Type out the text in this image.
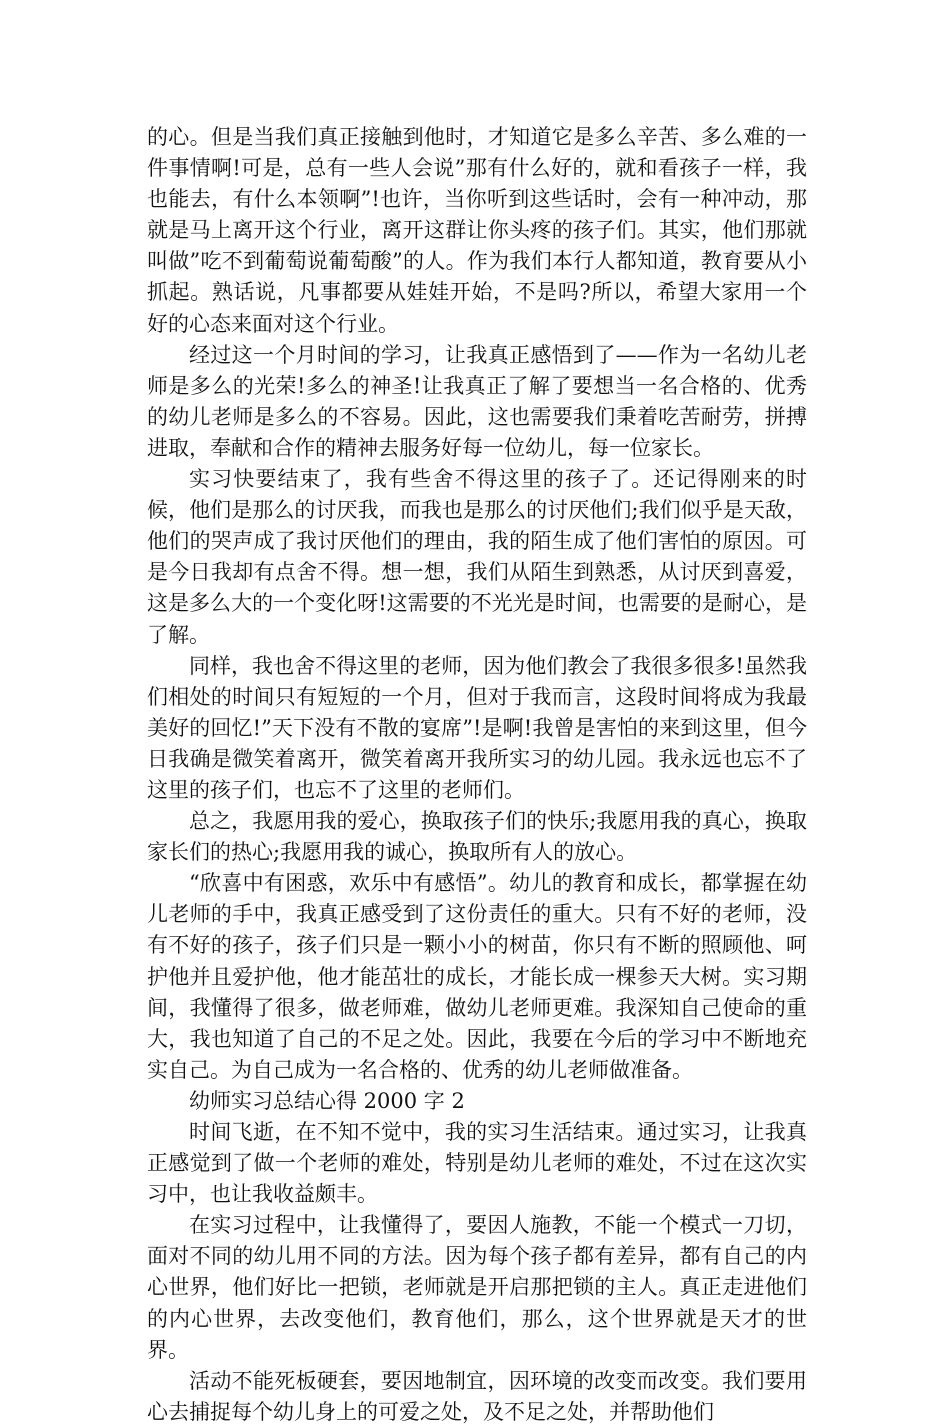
的心。但是当我们真正接触到他时，才知道它是多么辛苦、多么难的一件事情啊!可是，总有一些人会说”那有什么好的，就和看孩子一样，我也能去，有什么本领啊”!也许，当你听到这些话时，会有一种冲动，那就是马上离开这个行业，离开这群让你头疼的孩子们。其实，他们那就叫做”吃不到葡萄说葡萄酸”的人。作为我们本行人都知道，教育要从小抓起。熟话说，凡事都要从娃娃开始，不是吗?所以，希望大家用一个好的心态来面对这个行业。

经过这一个月时间的学习，让我真正感悟到了——作为一名幼儿老师是多么的光荣!多么的神圣!让我真正了解了要想当一名合格的、优秀的幼儿老师是多么的不容易。因此，这也需要我们秉着吃苦耐劳，拼搏进取，奉献和合作的精神去服务好每一位幼儿，每一位家长。

实习快要结束了，我有些舍不得这里的孩子了。还记得刚来的时候，他们是那么的讨厌我，而我也是那么的讨厌他们;我们似乎是天敌，他们的哭声成了我讨厌他们的理由，我的陌生成了他们害怕的原因。可是今日我却有点舍不得。想一想，我们从陌生到熟悉，从讨厌到喜爱，这是多么大的一个变化呀!这需要的不光光是时间，也需要的是耐心，是了解。

同样，我也舍不得这里的老师，因为他们教会了我很多很多!虽然我们相处的时间只有短短的一个月，但对于我而言，这段时间将成为我最美好的回忆!”天下没有不散的宴席”!是啊!我曾是害怕的来到这里，但今日我确是微笑着离开，微笑着离开我所实习的幼儿园。我永远也忘不了这里的孩子们，也忘不了这里的老师们。

总之，我愿用我的爱心，换取孩子们的快乐;我愿用我的真心，换取家长们的热心;我愿用我的诚心，换取所有人的放心。

“欣喜中有困惑，欢乐中有感悟”。幼儿的教育和成长，都掌握在幼儿老师的手中，我真正感受到了这份责任的重大。只有不好的老师，没有不好的孩子，孩子们只是一颗小小的树苗，你只有不断的照顾他、呵护他并且爱护他，他才能茁壮的成长，才能长成一棵参天大树。实习期间，我懂得了很多，做老师难，做幼儿老师更难。我深知自己使命的重大，我也知道了自己的不足之处。因此，我要在今后的学习中不断地充实自己。为自己成为一名合格的、优秀的幼儿老师做准备。

幼师实习总结心得 2000 字 2

时间飞逝，在不知不觉中，我的实习生活结束。通过实习，让我真正感觉到了做一个老师的难处，特别是幼儿老师的难处，不过在这次实习中，也让我收益颇丰。

在实习过程中，让我懂得了，要因人施教，不能一个模式一刀切，面对不同的幼儿用不同的方法。因为每个孩子都有差异，都有自己的内心世界，他们好比一把锁，老师就是开启那把锁的主人。真正走进他们的内心世界，去改变他们，教育他们，那么，这个世界就是天才的世界。

活动不能死板硬套，要因地制宜，因环境的改变而改变。我们要用心去捕捉每个幼儿身上的可爱之处，及不足之处，并帮助他们
